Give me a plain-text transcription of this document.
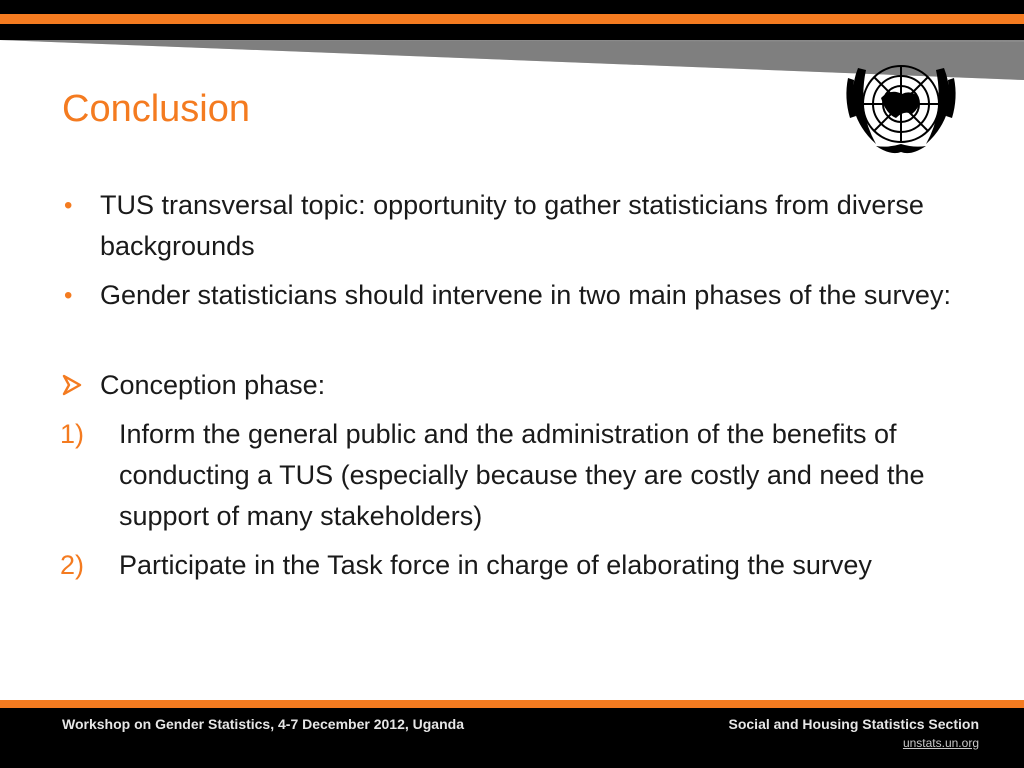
Conclusion
• TUS transversal topic: opportunity to gather statisticians from diverse backgrounds
• Gender statisticians should intervene in two main phases of the survey:
Conception phase:
1) Inform the general public and the administration of the benefits of conducting a TUS (especially because they are costly and need the support of many stakeholders)
2) Participate in the Task force in charge of elaborating the survey
Workshop on Gender Statistics, 4-7 December 2012, Uganda	Social and Housing Statistics Section
unstats.un.org
